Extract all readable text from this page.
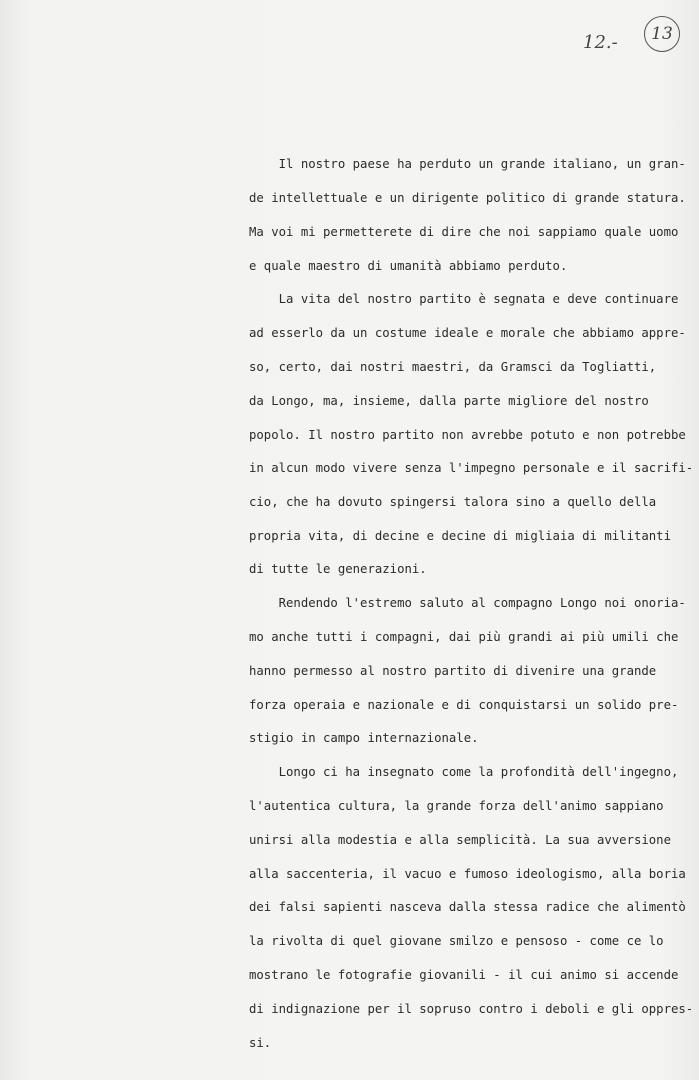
12.- 13
Il nostro paese ha perduto un grande italiano, un gran-
de intellettuale e un dirigente politico di grande statura.
Ma voi mi permetterete di dire che noi sappiamo quale uomo
e quale maestro di umanità abbiamo perduto.
La vita del nostro partito è segnata e deve continuare
ad esserlo da un costume ideale e morale che abbiamo appre-
so, certo, dai nostri maestri, da Gramsci da Togliatti,
da Longo, ma, insieme, dalla parte migliore del nostro
popolo. Il nostro partito non avrebbe potuto e non potrebbe
in alcun modo vivere senza l'impegno personale e il sacrifi-
cio, che ha dovuto spingersi talora sino a quello della
propria vita, di decine e decine di migliaia di militanti
di tutte le generazioni.
Rendendo l'estremo saluto al compagno Longo noi onoria-
mo anche tutti i compagni, dai più grandi ai più umili che
hanno permesso al nostro partito di divenire una grande
forza operaia e nazionale e di conquistarsi un solido pre-
stigio in campo internazionale.
Longo ci ha insegnato come la profondità dell'ingegno,
l'autentica cultura, la grande forza dell'animo sappiano
unirsi alla modestia e alla semplicità. La sua avversione
alla saccenteria, il vacuo e fumoso ideologismo, alla boria
dei falsi sapienti nasceva dalla stessa radice che alimentò
la rivolta di quel giovane smilzo e pensoso - come ce lo
mostrano le fotografie giovanili - il cui animo si accende
di indignazione per il sopruso contro i deboli e gli oppres-
si.
